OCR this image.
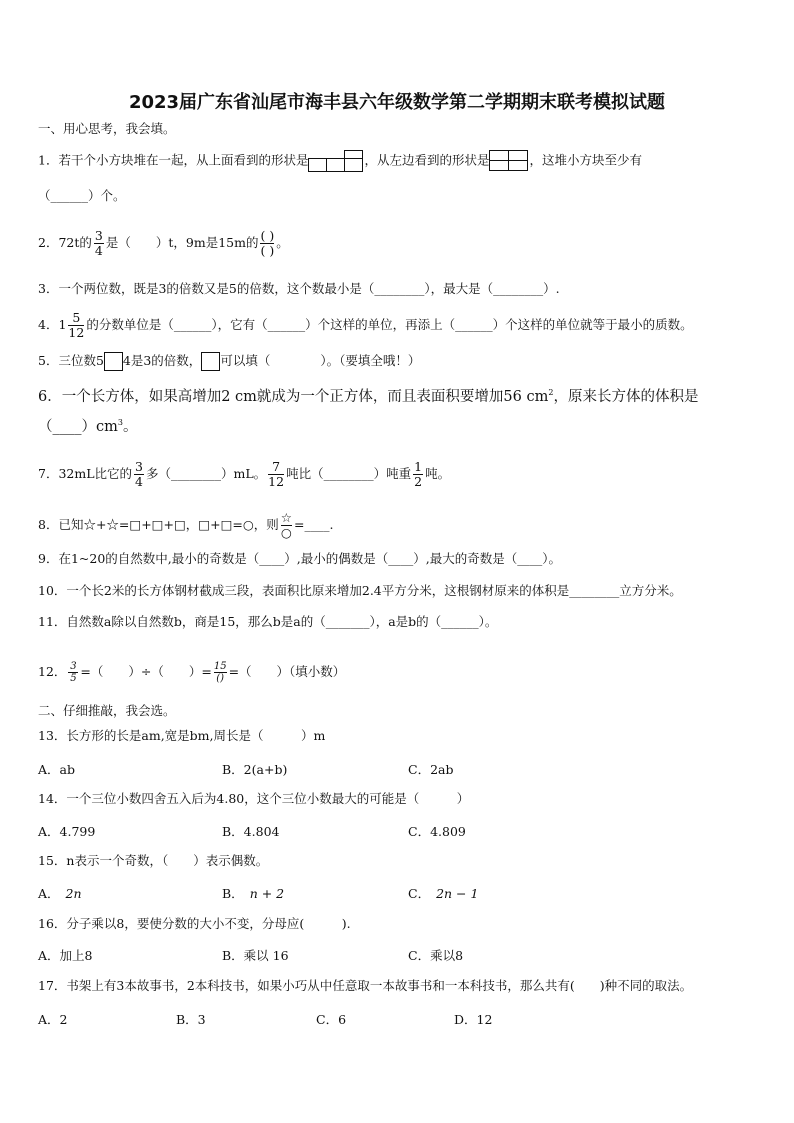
2023届广东省汕尾市海丰县六年级数学第二学期期末联考模拟试题
一、用心思考，我会填。
1．若干个小方块堆在一起，从上面看到的形状是	，从左边看到的形状是	，这堆小方块至少有
（______）个。
2．72t的 $\frac{3}{4}$ 是（　　）t，9m是15m的 $\frac{( )}{( )}$ 。
3．一个两位数，既是3的倍数又是5的倍数，这个数最小是（________），最大是（________）.
4．$1 \frac{5}{12}$ 的分数单位是（______），它有（______）个这样的单位，再添上（______）个这样的单位就等于最小的质数。
5．三位数5 4是3的倍数， 可以填（　　　　）。（要填全哦！）
6．一个长方体，如果高增加2 cm就成为一个正方体，而且表面积要增加56 $cm^2$，原来长方体的体积是
$(\_\_\_\_)cm^3$。
7．32mL比它的 $\frac{3}{4}$ 多（________）mL。 $\frac{7}{12}$ 吨比（________）吨重 $\frac{1}{2}$ 吨。
8．已知☆+☆=□+□+□，□+□=○，则 $\frac{☆}{○}$ =____.
9．在1~20的自然数中,最小的奇数是（____）,最小的偶数是（____）,最大的奇数是（____）。
10．一个长2米的长方体钢材截成三段，表面积比原来增加2.4平方分米，这根钢材原来的体积是________立方分米。
11．自然数a除以自然数b，商是15，那么b是a的（_______），a是b的（______）。
12． $\frac{3}{5}$ =（　　）÷（　　）= $\frac{15}{()}$ =（　　）（填小数）
二、仔细推敲，我会选。
13．长方形的长是am,宽是bm,周长是（　　　）m
A．ab	B．2(a+b)	C．2ab
14．一个三位小数四舍五入后为4.80，这个三位小数最大的可能是（　　　）
A．4.799	B．4.804	C．4.809
15．n表示一个奇数，（　　）表示偶数。
A． 2n	B． n + 2	C． 2n − 1
16．分子乘以8，要使分数的大小不变，分母应(　　　).
A．加上8	B．乘以 16	C．乘以8
17．书架上有3本故事书，2本科技书，如果小巧从中任意取一本故事书和一本科技书，那么共有(　　)种不同的取法。
A．2	B．3	C．6	D．12
